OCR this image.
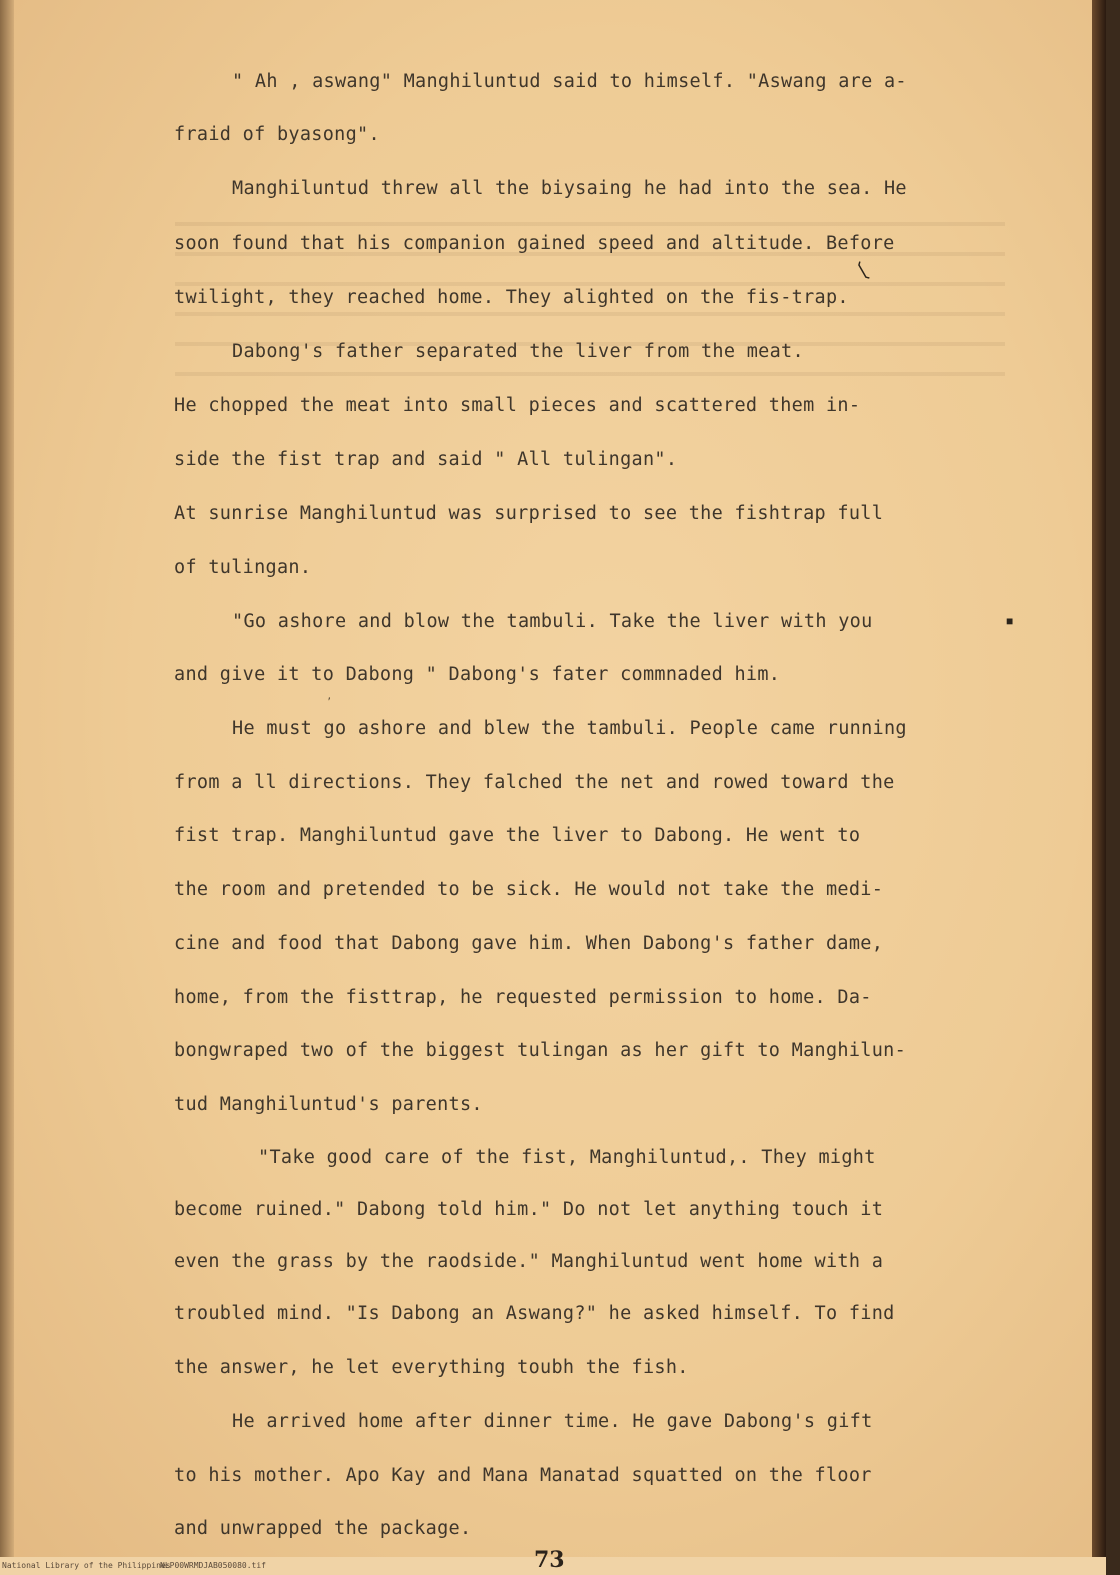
" Ah , aswang" Manghiluntud said to himself. "Aswang are a-
fraid of byasong".
Manghiluntud threw all the biysaing he had into the sea. He
soon found that his companion gained speed and altitude. Before
twilight, they reached home. They alighted on the fis-trap.
Dabong's father separated the liver from the meat.
He chopped the meat into small pieces and scattered them in-
side the fist trap and said " All tulingan".
At sunrise Manghiluntud was surprised to see the fishtrap full
of tulingan.
"Go ashore and blow the tambuli. Take the liver with you
and give it to Dabong " Dabong's fater commnaded him.
He must go ashore and blew the tambuli. People came running
from a ll directions. They falched the net and rowed toward the
fist trap. Manghiluntud gave the liver to Dabong. He went to
the room and pretended to be sick. He would not take the medi-
cine and food that Dabong gave him. When Dabong's father dame,
home, from the fisttrap, he requested permission to home. Da-
bongwraped two of the biggest tulingan as her gift to Manghilun-
tud Manghiluntud's parents.
"Take good care of the fist, Manghiluntud,. They might
become ruined." Dabong told him." Do not let anything touch it
even the grass by the raodside." Manghiluntud went home with a
troubled mind. "Is Dabong an Aswang?" he asked himself. To find
the answer, he let everything toubh the fish.
He arrived home after dinner time. He gave Dabong's gift
to his mother. Apo Kay and Mana Manatad squatted on the floor
and unwrapped the package.
❲
■
′
73
National Library of the Philippines
NLP00WRMDJAB050080.tif
